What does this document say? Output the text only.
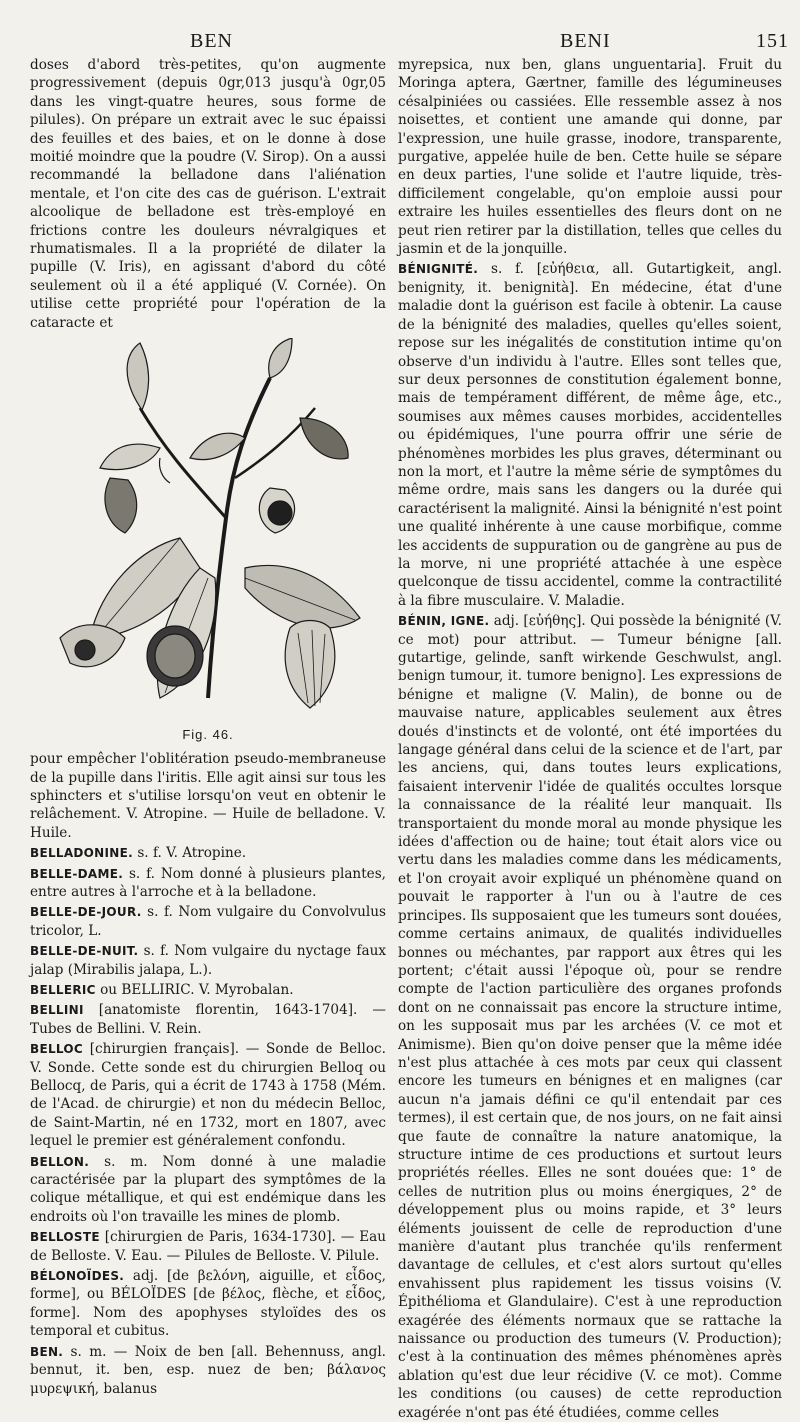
BEN	BENI	151

doses d'abord très-petites, qu'on augmente progressivement (depuis 0gr,013 jusqu'à 0gr,05 dans les vingt-quatre heures, sous forme de pilules). On prépare un extrait avec le suc épaissi des feuilles et des baies, et on le donne à dose moitié moindre que la poudre (V. Sirop). On a aussi recommandé la belladone dans l'aliénation mentale, et l'on cite des cas de guérison. L'extrait alcoolique de belladone est très-employé en frictions contre les douleurs névralgiques et rhumatismales. Il a la propriété de dilater la pupille (V. Iris), en agissant d'abord du côté seulement où il a été appliqué (V. Cornée). On utilise cette propriété pour l'opération de la cataracte et

Fig. 46.

pour empêcher l'oblitération pseudo-membraneuse de la pupille dans l'iritis. Elle agit ainsi sur tous les sphincters et s'utilise lorsqu'on veut en obtenir le relâchement. V. Atropine. — Huile de belladone. V. Huile.

BELLADONINE. s. f. V. Atropine.

BELLE-DAME. s. f. Nom donné à plusieurs plantes, entre autres à l'arroche et à la belladone.

BELLE-DE-JOUR. s. f. Nom vulgaire du Convolvulus tricolor, L.

BELLE-DE-NUIT. s. f. Nom vulgaire du nyctage faux jalap (Mirabilis jalapa, L.).

BELLERIC ou BELLIRIC. V. Myrobalan.

BELLINI [anatomiste florentin, 1643-1704]. — Tubes de Bellini. V. Rein.

BELLOC [chirurgien français]. — Sonde de Belloc. V. Sonde. Cette sonde est du chirurgien Belloq ou Bellocq, de Paris, qui a écrit de 1743 à 1758 (Mém. de l'Acad. de chirurgie) et non du médecin Belloc, de Saint-Martin, né en 1732, mort en 1807, avec lequel le premier est généralement confondu.

BELLON. s. m. Nom donné à une maladie caractérisée par la plupart des symptômes de la colique métallique, et qui est endémique dans les endroits où l'on travaille les mines de plomb.

BELLOSTE [chirurgien de Paris, 1634-1730]. — Eau de Belloste. V. Eau. — Pilules de Belloste. V. Pilule.

BÉLONOÏDES. adj. [de βελόνη, aiguille, et εἶδος, forme], ou BÉLOÏDES [de βέλος, flèche, et εἶδος, forme]. Nom des apophyses styloïdes des os temporal et cubitus.

BEN. s. m. — Noix de ben [all. Behennuss, angl. bennut, it. ben, esp. nuez de ben; βάλανος μυρεψική, balanus

myrepsica, nux ben, glans unguentaria]. Fruit du Moringa aptera, Gærtner, famille des légumineuses césalpiniées ou cassiées. Elle ressemble assez à nos noisettes, et contient une amande qui donne, par l'expression, une huile grasse, inodore, transparente, purgative, appelée huile de ben. Cette huile se sépare en deux parties, l'une solide et l'autre liquide, très-difficilement congelable, qu'on emploie aussi pour extraire les huiles essentielles des fleurs dont on ne peut rien retirer par la distillation, telles que celles du jasmin et de la jonquille.

BÉNIGNITÉ. s. f. [εὐήθεια, all. Gutartigkeit, angl. benignity, it. benignità]. En médecine, état d'une maladie dont la guérison est facile à obtenir. La cause de la bénignité des maladies, quelles qu'elles soient, repose sur les inégalités de constitution intime qu'on observe d'un individu à l'autre. Elles sont telles que, sur deux personnes de constitution également bonne, mais de tempérament différent, de même âge, etc., soumises aux mêmes causes morbides, accidentelles ou épidémiques, l'une pourra offrir une série de phénomènes morbides les plus graves, déterminant ou non la mort, et l'autre la même série de symptômes du même ordre, mais sans les dangers ou la durée qui caractérisent la malignité. Ainsi la bénignité n'est point une qualité inhérente à une cause morbifique, comme les accidents de suppuration ou de gangrène au pus de la morve, ni une propriété attachée à une espèce quelconque de tissu accidentel, comme la contractilité à la fibre musculaire. V. Maladie.

BÉNIN, IGNE. adj. [εὐήθης]. Qui possède la bénignité (V. ce mot) pour attribut. — Tumeur bénigne [all. gutartige, gelinde, sanft wirkende Geschwulst, angl. benign tumour, it. tumore benigno]. Les expressions de bénigne et maligne (V. Malin), de bonne ou de mauvaise nature, applicables seulement aux êtres doués d'instincts et de volonté, ont été importées du langage général dans celui de la science et de l'art, par les anciens, qui, dans toutes leurs explications, faisaient intervenir l'idée de qualités occultes lorsque la connaissance de la réalité leur manquait. Ils transportaient du monde moral au monde physique les idées d'affection ou de haine; tout était alors vice ou vertu dans les maladies comme dans les médicaments, et l'on croyait avoir expliqué un phénomène quand on pouvait le rapporter à l'un ou à l'autre de ces principes. Ils supposaient que les tumeurs sont douées, comme certains animaux, de qualités individuelles bonnes ou méchantes, par rapport aux êtres qui les portent; c'était aussi l'époque où, pour se rendre compte de l'action particulière des organes profonds dont on ne connaissait pas encore la structure intime, on les supposait mus par les archées (V. ce mot et Animisme). Bien qu'on doive penser que la même idée n'est plus attachée à ces mots par ceux qui classent encore les tumeurs en bénignes et en malignes (car aucun n'a jamais défini ce qu'il entendait par ces termes), il est certain que, de nos jours, on ne fait ainsi que faute de connaître la nature anatomique, la structure intime de ces productions et surtout leurs propriétés réelles. Elles ne sont douées que: 1° de celles de nutrition plus ou moins énergiques, 2° de développement plus ou moins rapide, et 3° leurs éléments jouissent de celle de reproduction d'une manière d'autant plus tranchée qu'ils renferment davantage de cellules, et c'est alors surtout qu'elles envahissent plus rapidement les tissus voisins (V. Épithélioma et Glandulaire). C'est à une reproduction exagérée des éléments normaux que se rattache la naissance ou production des tumeurs (V. Production); c'est à la continuation des mêmes phénomènes après ablation qu'est due leur récidive (V. ce mot). Comme les conditions (ou causes) de cette reproduction exagérée n'ont pas été étudiées, comme celles
